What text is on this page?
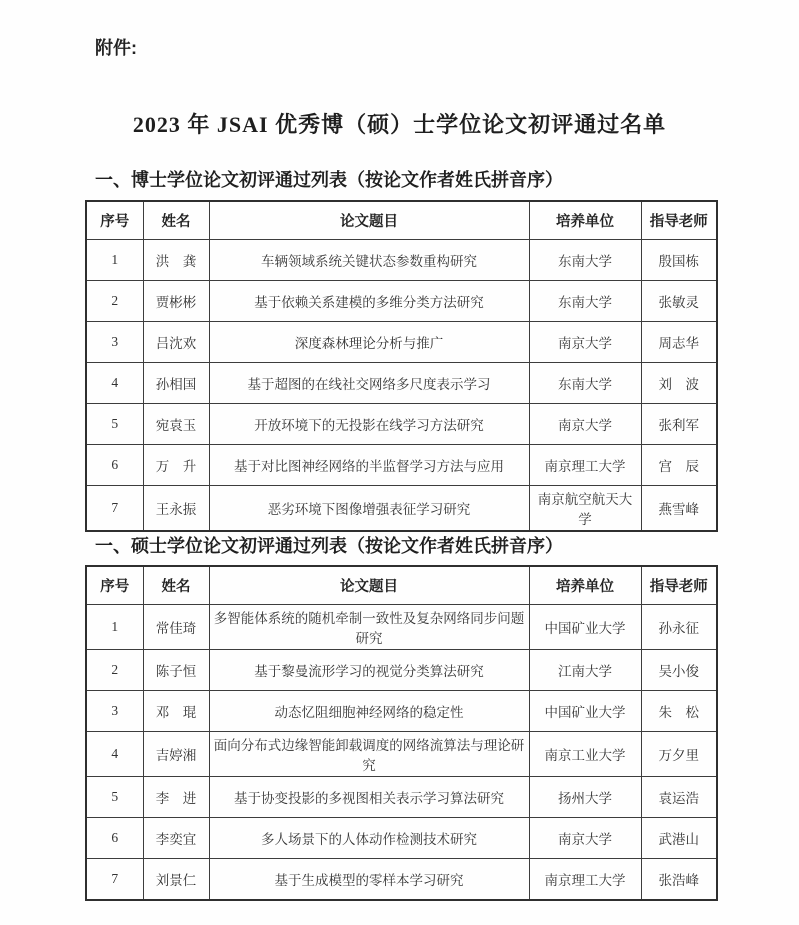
附件:
2023 年 JSAI 优秀博（硕）士学位论文初评通过名单
一、博士学位论文初评通过列表（按论文作者姓氏拼音序）
序号	姓名	论文题目	培养单位	指导老师
1	洪　龚	车辆领域系统关键状态参数重构研究	东南大学	殷国栋
2	贾彬彬	基于依赖关系建模的多维分类方法研究	东南大学	张敏灵
3	吕沈欢	深度森林理论分析与推广	南京大学	周志华
4	孙相国	基于超图的在线社交网络多尺度表示学习	东南大学	刘　波
5	宛袁玉	开放环境下的无投影在线学习方法研究	南京大学	张利军
6	万　升	基于对比图神经网络的半监督学习方法与应用	南京理工大学	宫　辰
7	王永振	恶劣环境下图像增强表征学习研究	南京航空航天大学	燕雪峰
一、硕士学位论文初评通过列表（按论文作者姓氏拼音序）
序号	姓名	论文题目	培养单位	指导老师
1	常佳琦	多智能体系统的随机牵制一致性及复杂网络同步问题研究	中国矿业大学	孙永征
2	陈子恒	基于黎曼流形学习的视觉分类算法研究	江南大学	吴小俊
3	邓　琨	动态忆阻细胞神经网络的稳定性	中国矿业大学	朱　松
4	吉婷湘	面向分布式边缘智能卸载调度的网络流算法与理论研究	南京工业大学	万夕里
5	李　进	基于协变投影的多视图相关表示学习算法研究	扬州大学	袁运浩
6	李奕宜	多人场景下的人体动作检测技术研究	南京大学	武港山
7	刘景仁	基于生成模型的零样本学习研究	南京理工大学	张浩峰
